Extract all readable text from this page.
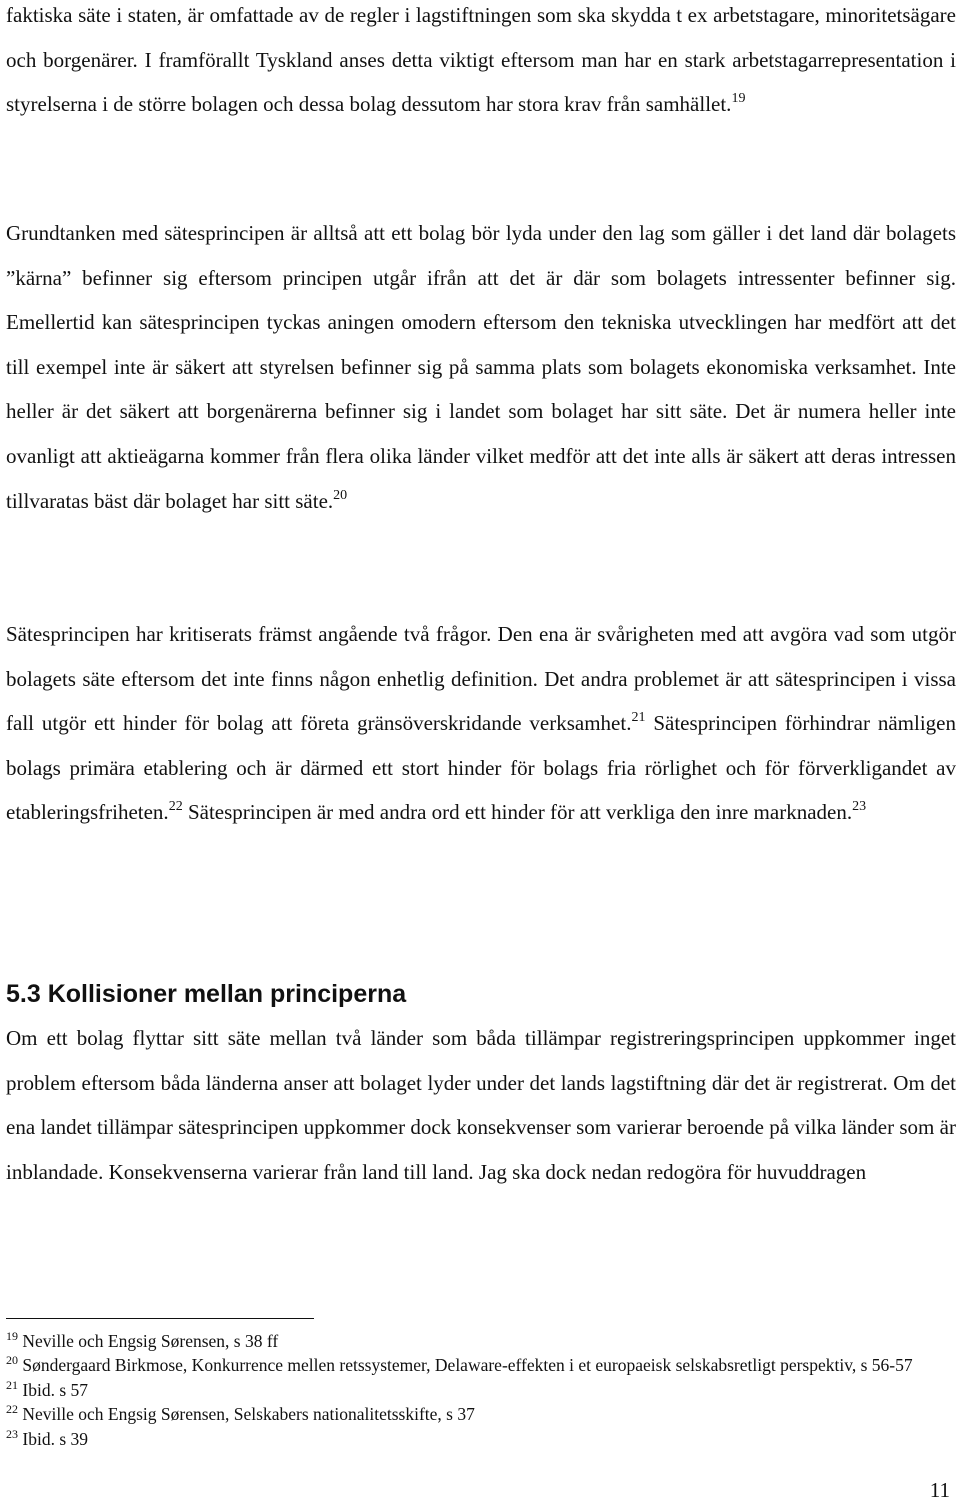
faktiska säte i staten, är omfattade av de regler i lagstiftningen som ska skydda t ex arbetstagare, minoritetsägare och borgenärer. I framförallt Tyskland anses detta viktigt eftersom man har en stark arbetstagarrepresentation i styrelserna i de större bolagen och dessa bolag dessutom har stora krav från samhället.$^{19}$

Grundtanken med sätesprincipen är alltså att ett bolag bör lyda under den lag som gäller i det land där bolagets ”kärna” befinner sig eftersom principen utgår ifrån att det är där som bolagets intressenter befinner sig. Emellertid kan sätesprincipen tyckas aningen omodern eftersom den tekniska utvecklingen har medfört att det till exempel inte är säkert att styrelsen befinner sig på samma plats som bolagets ekonomiska verksamhet. Inte heller är det säkert att borgenärerna befinner sig i landet som bolaget har sitt säte. Det är numera heller inte ovanligt att aktieägarna kommer från flera olika länder vilket medför att det inte alls är säkert att deras intressen tillvaratas bäst där bolaget har sitt säte.$^{20}$

Sätesprincipen har kritiserats främst angående två frågor. Den ena är svårigheten med att avgöra vad som utgör bolagets säte eftersom det inte finns någon enhetlig definition. Det andra problemet är att sätesprincipen i vissa fall utgör ett hinder för bolag att företa gränsöverskridande verksamhet.$^{21}$ Sätesprincipen förhindrar nämligen bolags primära etablering och är därmed ett stort hinder för bolags fria rörlighet och för förverkligandet av etableringsfriheten.$^{22}$ Sätesprincipen är med andra ord ett hinder för att verkliga den inre marknaden.$^{23}$

5.3 Kollisioner mellan principerna

Om ett bolag flyttar sitt säte mellan två länder som båda tillämpar registreringsprincipen uppkommer inget problem eftersom båda länderna anser att bolaget lyder under det lands lagstiftning där det är registrerat. Om det ena landet tillämpar sätesprincipen uppkommer dock konsekvenser som varierar beroende på vilka länder som är inblandade. Konsekvenserna varierar från land till land. Jag ska dock nedan redogöra för huvuddragen

$^{19}$ Neville och Engsig Sørensen, s 38 ff

$^{20}$ Søndergaard Birkmose, Konkurrence mellen retssystemer, Delaware-effekten i et europaeisk selskabsretligt perspektiv, s 56-57

$^{21}$ Ibid. s 57

$^{22}$ Neville och Engsig Sørensen, Selskabers nationalitetsskifte, s 37

$^{23}$ Ibid. s 39

11
